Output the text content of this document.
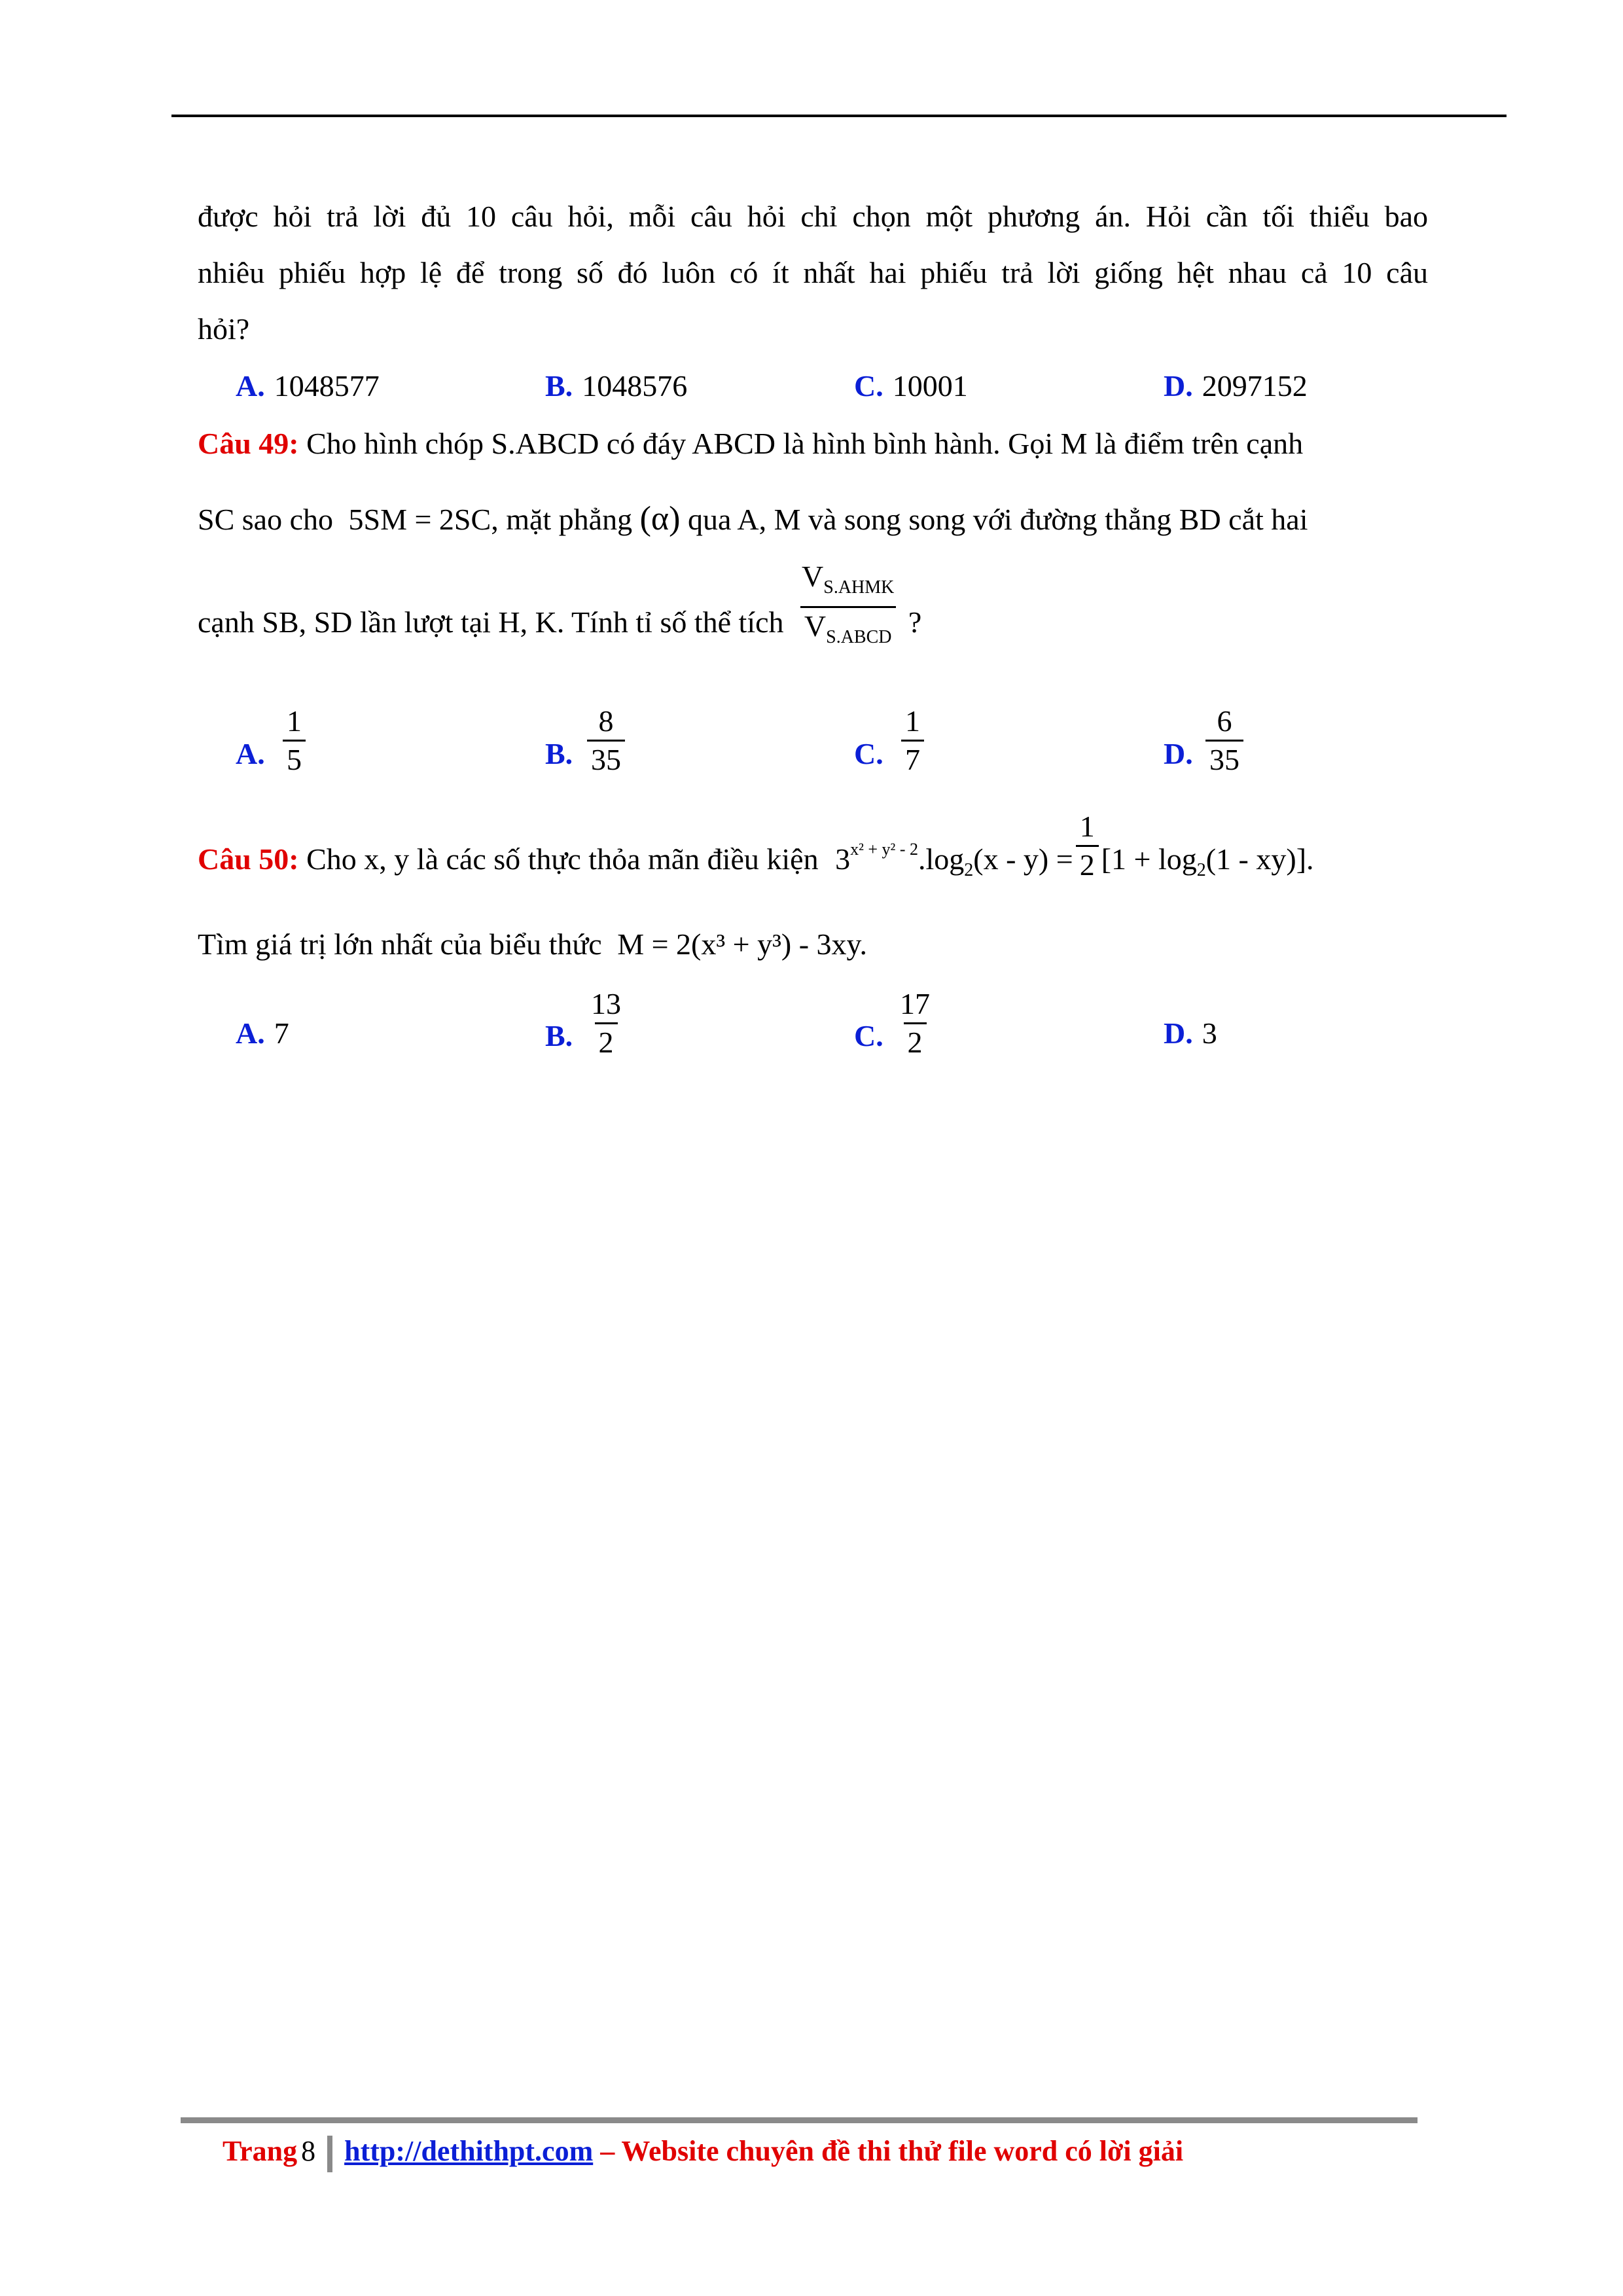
được hỏi trả lời đủ 10 câu hỏi, mỗi câu hỏi chỉ chọn một phương án. Hỏi cần tối thiểu bao
nhiêu phiếu hợp lệ để trong số đó luôn có ít nhất hai phiếu trả lời giống hệt nhau cả 10 câu
hỏi?
A. 1048577	B. 1048576	C. 10001	D. 2097152
Câu 49: Cho hình chóp S.ABCD có đáy ABCD là hình bình hành. Gọi M là điểm trên cạnh
SC sao cho 5SM = 2SC, mặt phẳng (α) qua A, M và song song với đường thẳng BD cắt hai
cạnh SB, SD lần lượt tại H, K. Tính tỉ số thể tích $\frac{V_{S.AHMK}}{V_{S.ABCD}}$ ?
A. $\frac{1}{5}$	B. $\frac{8}{35}$	C. $\frac{1}{7}$	D. $\frac{6}{35}$
Câu 50: Cho x, y là các số thực thỏa mãn điều kiện $3^{x^2 + y^2 - 2}.\log_2(x - y) = \frac{1}{2} [1 + \log_2(1 - xy)]$.
Tìm giá trị lớn nhất của biểu thức M = 2(x³ + y³) - 3xy.
A. 7	B. $\frac{13}{2}$	C. $\frac{17}{2}$	D. 3
Trang 8 http://dethithpt.com – Website chuyên đề thi thử file word có lời giải
